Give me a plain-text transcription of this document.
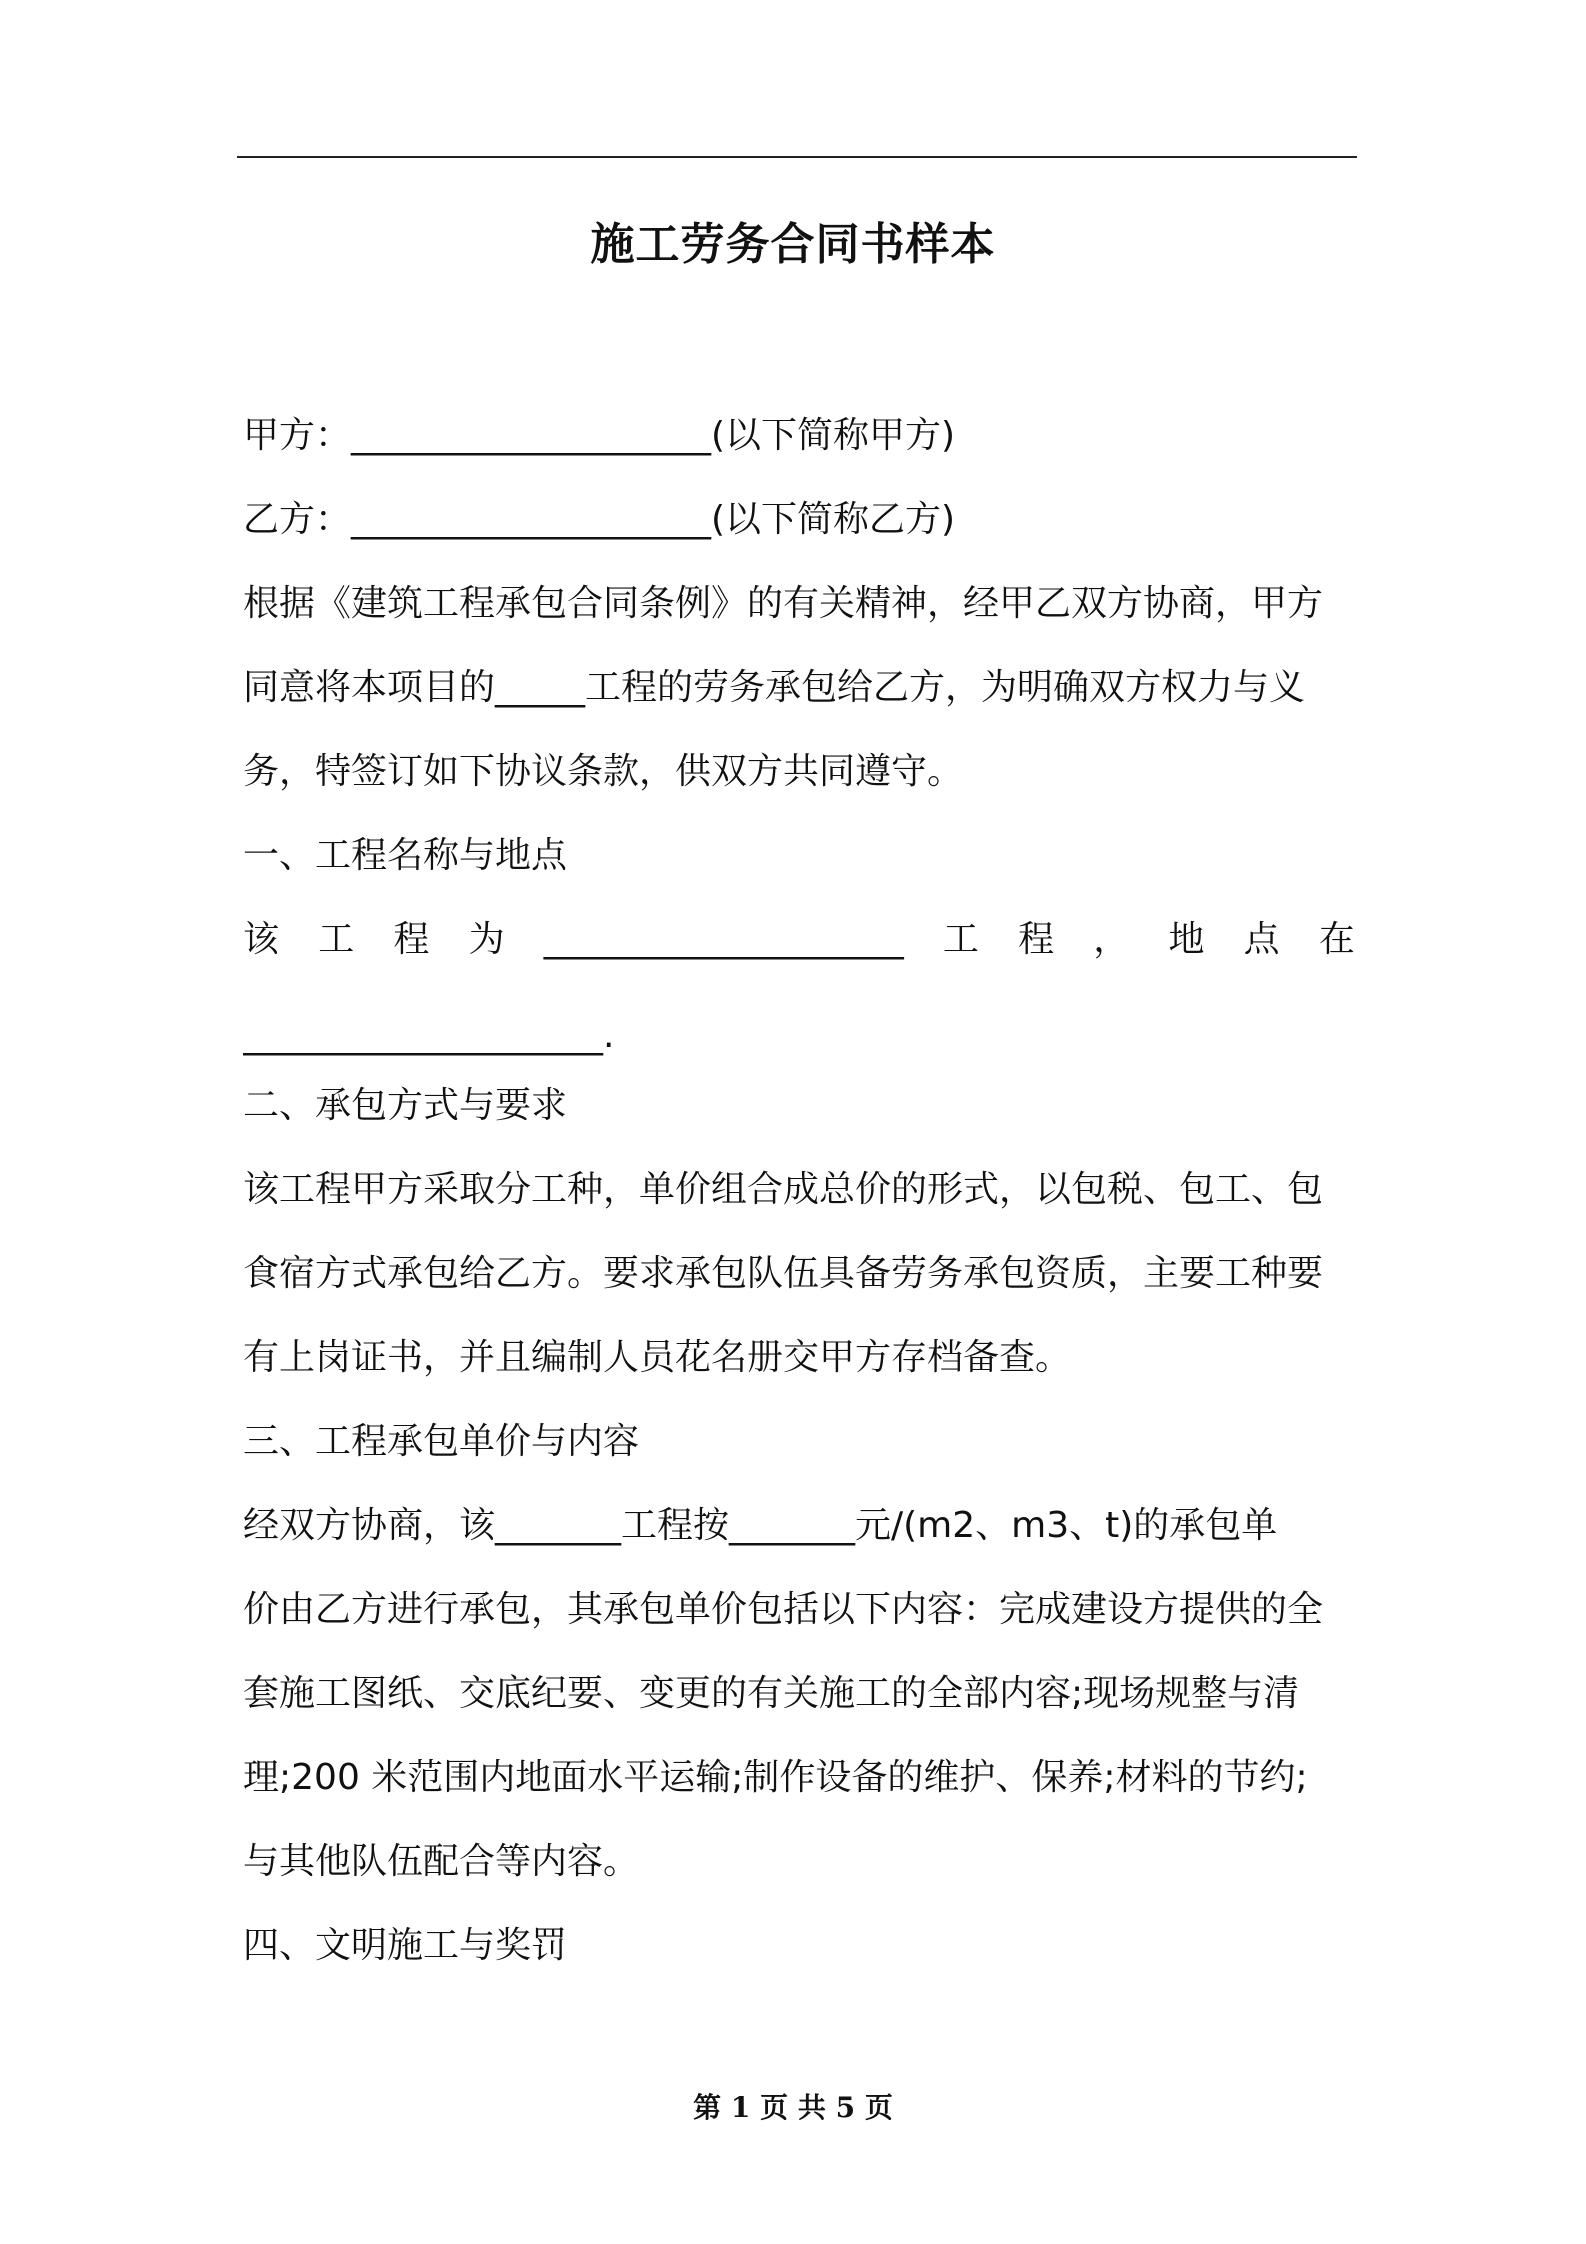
施工劳务合同书样本
甲方：____________________(以下简称甲方)
乙方：____________________(以下简称乙方)
根据《建筑工程承包合同条例》的有关精神，经甲乙双方协商，甲方
同意将本项目的_____工程的劳务承包给乙方，为明确双方权力与义
务，特签订如下协议条款，供双方共同遵守。
一、工程名称与地点
该 工 程 为 ____________________ 工 程 ， 地 点 在
____________________.
二、承包方式与要求
该工程甲方采取分工种，单价组合成总价的形式，以包税、包工、包
食宿方式承包给乙方。要求承包队伍具备劳务承包资质，主要工种要
有上岗证书，并且编制人员花名册交甲方存档备查。
三、工程承包单价与内容
经双方协商，该_______工程按_______元/(m2、m3、t)的承包单
价由乙方进行承包，其承包单价包括以下内容：完成建设方提供的全
套施工图纸、交底纪要、变更的有关施工的全部内容;现场规整与清
理;200 米范围内地面水平运输;制作设备的维护、保养;材料的节约;
与其他队伍配合等内容。
四、文明施工与奖罚
第 1 页 共 5 页
